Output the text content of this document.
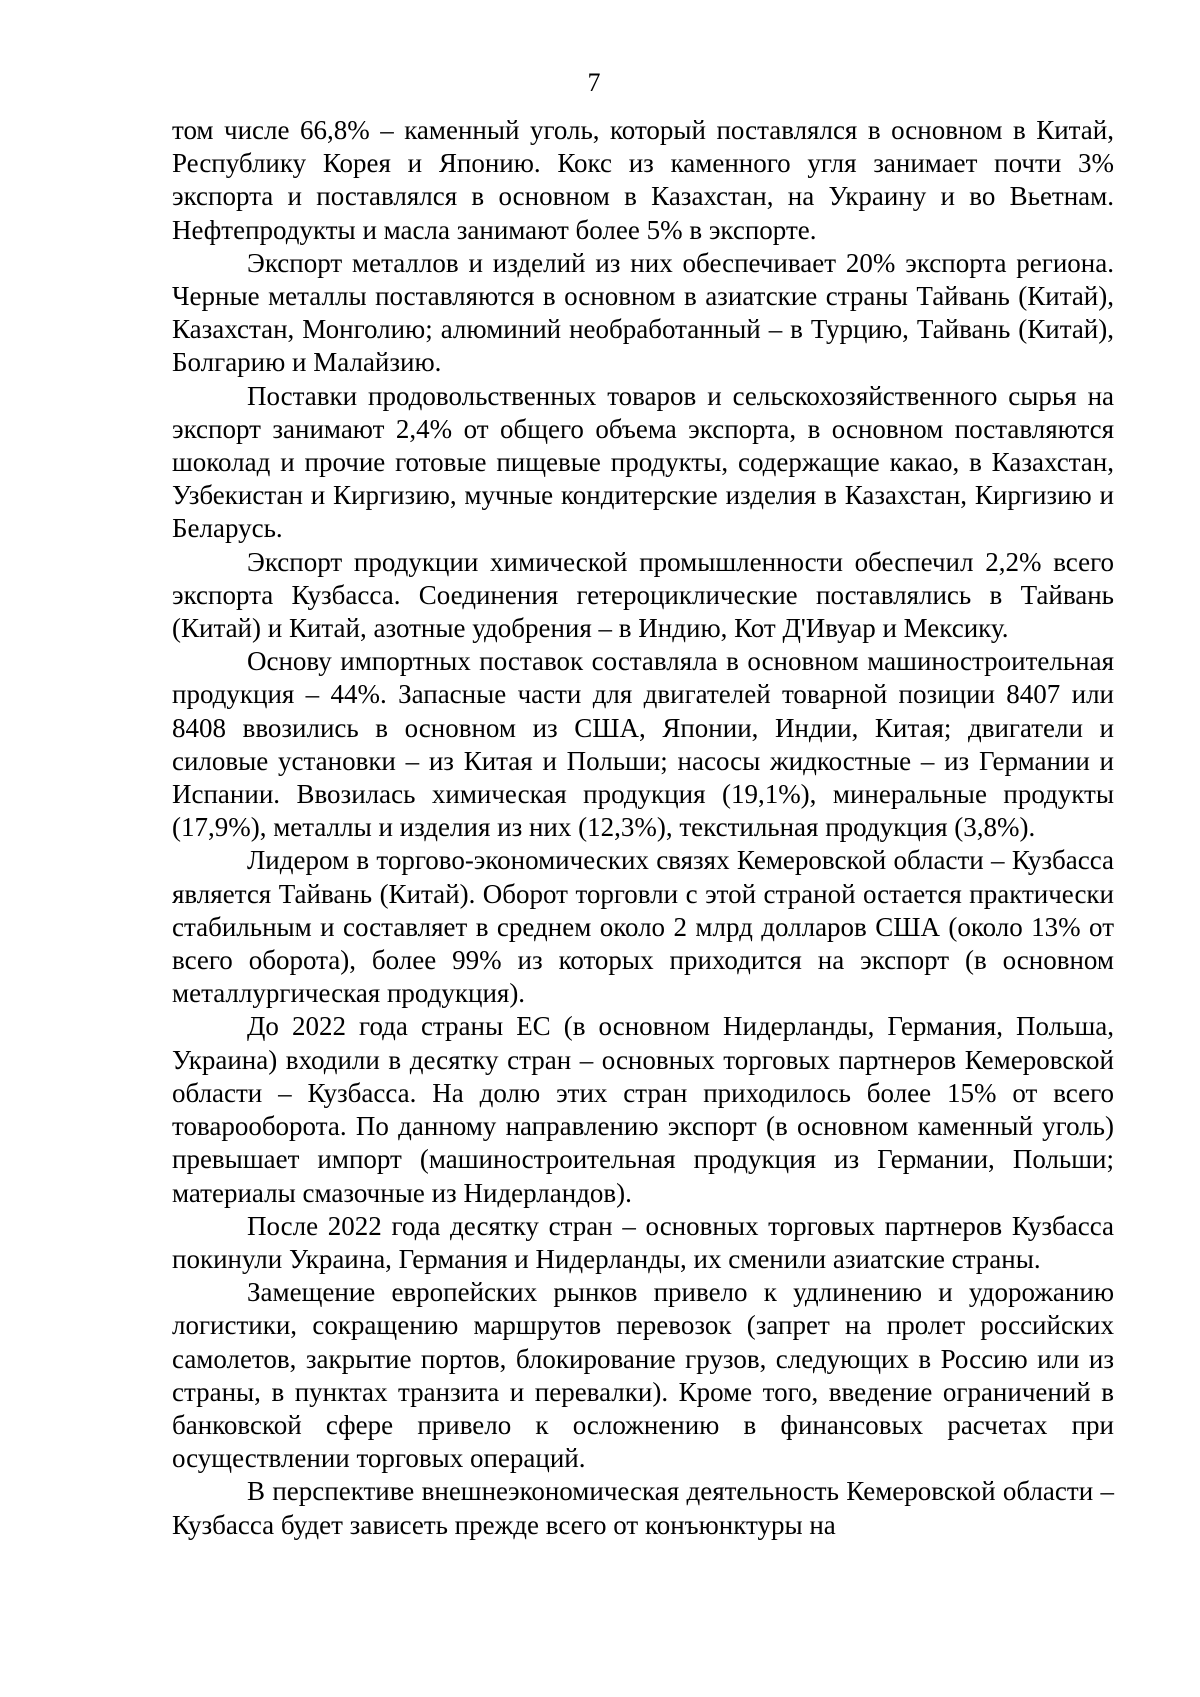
7

том числе 66,8% – каменный уголь, который поставлялся в основном в Китай, Республику Корея и Японию. Кокс из каменного угля занимает почти 3% экспорта и поставлялся в основном в Казахстан, на Украину и во Вьетнам. Нефтепродукты и масла занимают более 5% в экспорте.

Экспорт металлов и изделий из них обеспечивает 20% экспорта региона. Черные металлы поставляются в основном в азиатские страны Тайвань (Китай), Казахстан, Монголию; алюминий необработанный – в Турцию, Тайвань (Китай), Болгарию и Малайзию.

Поставки продовольственных товаров и сельскохозяйственного сырья на экспорт занимают 2,4% от общего объема экспорта, в основном поставляются шоколад и прочие готовые пищевые продукты, содержащие какао, в Казахстан, Узбекистан и Киргизию, мучные кондитерские изделия в Казахстан, Киргизию и Беларусь.

Экспорт продукции химической промышленности обеспечил 2,2% всего экспорта Кузбасса. Соединения гетероциклические поставлялись в Тайвань (Китай) и Китай, азотные удобрения – в Индию, Кот Д'Ивуар и Мексику.

Основу импортных поставок составляла в основном машиностроительная продукция – 44%. Запасные части для двигателей товарной позиции 8407 или 8408 ввозились в основном из США, Японии, Индии, Китая; двигатели и силовые установки – из Китая и Польши; насосы жидкостные – из Германии и Испании. Ввозилась химическая продукция (19,1%), минеральные продукты (17,9%), металлы и изделия из них (12,3%), текстильная продукция (3,8%).

Лидером в торгово-экономических связях Кемеровской области – Кузбасса является Тайвань (Китай). Оборот торговли с этой страной остается практически стабильным и составляет в среднем около 2 млрд долларов США (около 13% от всего оборота), более 99% из которых приходится на экспорт (в основном металлургическая продукция).

До 2022 года страны ЕС (в основном Нидерланды, Германия, Польша, Украина) входили в десятку стран – основных торговых партнеров Кемеровской области – Кузбасса. На долю этих стран приходилось более 15% от всего товарооборота. По данному направлению экспорт (в основном каменный уголь) превышает импорт (машиностроительная продукция из Германии, Польши; материалы смазочные из Нидерландов).

После 2022 года десятку стран – основных торговых партнеров Кузбасса покинули Украина, Германия и Нидерланды, их сменили азиатские страны.

Замещение европейских рынков привело к удлинению и удорожанию логистики, сокращению маршрутов перевозок (запрет на пролет российских самолетов, закрытие портов, блокирование грузов, следующих в Россию или из страны, в пунктах транзита и перевалки). Кроме того, введение ограничений в банковской сфере привело к осложнению в финансовых расчетах при осуществлении торговых операций.

В перспективе внешнеэкономическая деятельность Кемеровской области – Кузбасса будет зависеть прежде всего от конъюнктуры на
